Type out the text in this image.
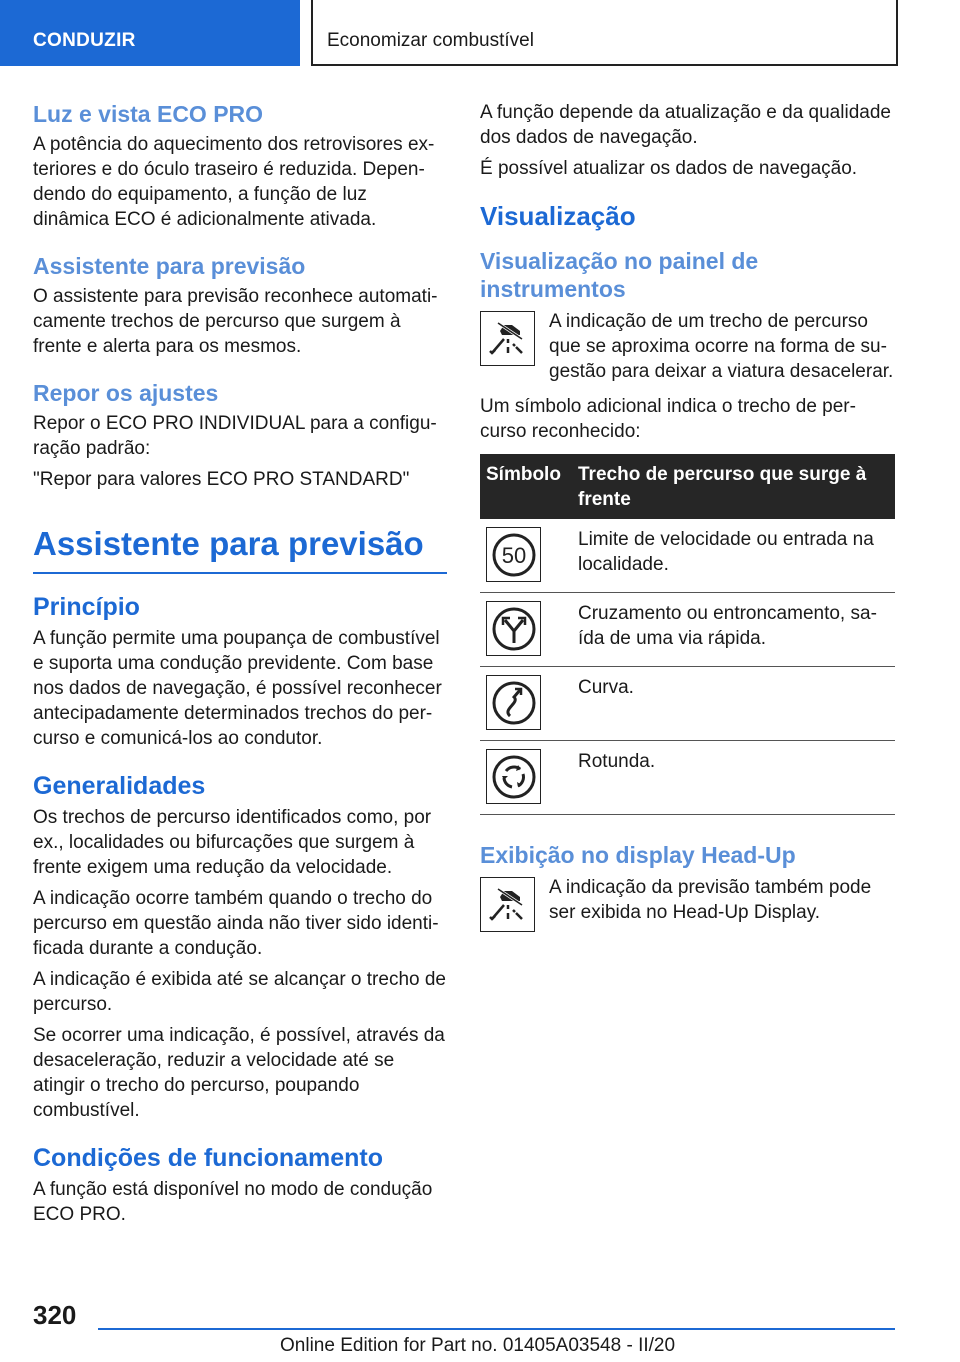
CONDUZIR	Economizar combustível
Luz e vista ECO PRO
A potência do aquecimento dos retrovisores exteriores e do óculo traseiro é reduzida. Dependendo do equipamento, a função de luz dinâmica ECO é adicionalmente ativada.
Assistente para previsão
O assistente para previsão reconhece automaticamente trechos de percurso que surgem à frente e alerta para os mesmos.
Repor os ajustes
Repor o ECO PRO INDIVIDUAL para a configuração padrão:
"Repor para valores ECO PRO STANDARD"
Assistente para previsão
Princípio
A função permite uma poupança de combustível e suporta uma condução previdente. Com base nos dados de navegação, é possível reconhecer antecipadamente determinados trechos do percurso e comunicá-los ao condutor.
Generalidades
Os trechos de percurso identificados como, por ex., localidades ou bifurcações que surgem à frente exigem uma redução da velocidade.
A indicação ocorre também quando o trecho do percurso em questão ainda não tiver sido identificada durante a condução.
A indicação é exibida até se alcançar o trecho de percurso.
Se ocorrer uma indicação, é possível, através da desaceleração, reduzir a velocidade até se atingir o trecho do percurso, poupando combustível.
Condições de funcionamento
A função está disponível no modo de condução ECO PRO.
A função depende da atualização e da qualidade dos dados de navegação.
É possível atualizar os dados de navegação.
Visualização
Visualização no painel de instrumentos
A indicação de um trecho de percurso que se aproxima ocorre na forma de sugestão para deixar a viatura desacelerar.
Um símbolo adicional indica o trecho de percurso reconhecido:
Símbolo	Trecho de percurso que surge à frente

50	Limite de velocidade ou entrada na localidade.

	Cruzamento ou entroncamento, saída de uma via rápida.

	Curva.

	Rotunda.
Exibição no display Head-Up
A indicação da previsão também pode ser exibida no Head-Up Display.
320
Online Edition for Part no. 01405A03548 - II/20
